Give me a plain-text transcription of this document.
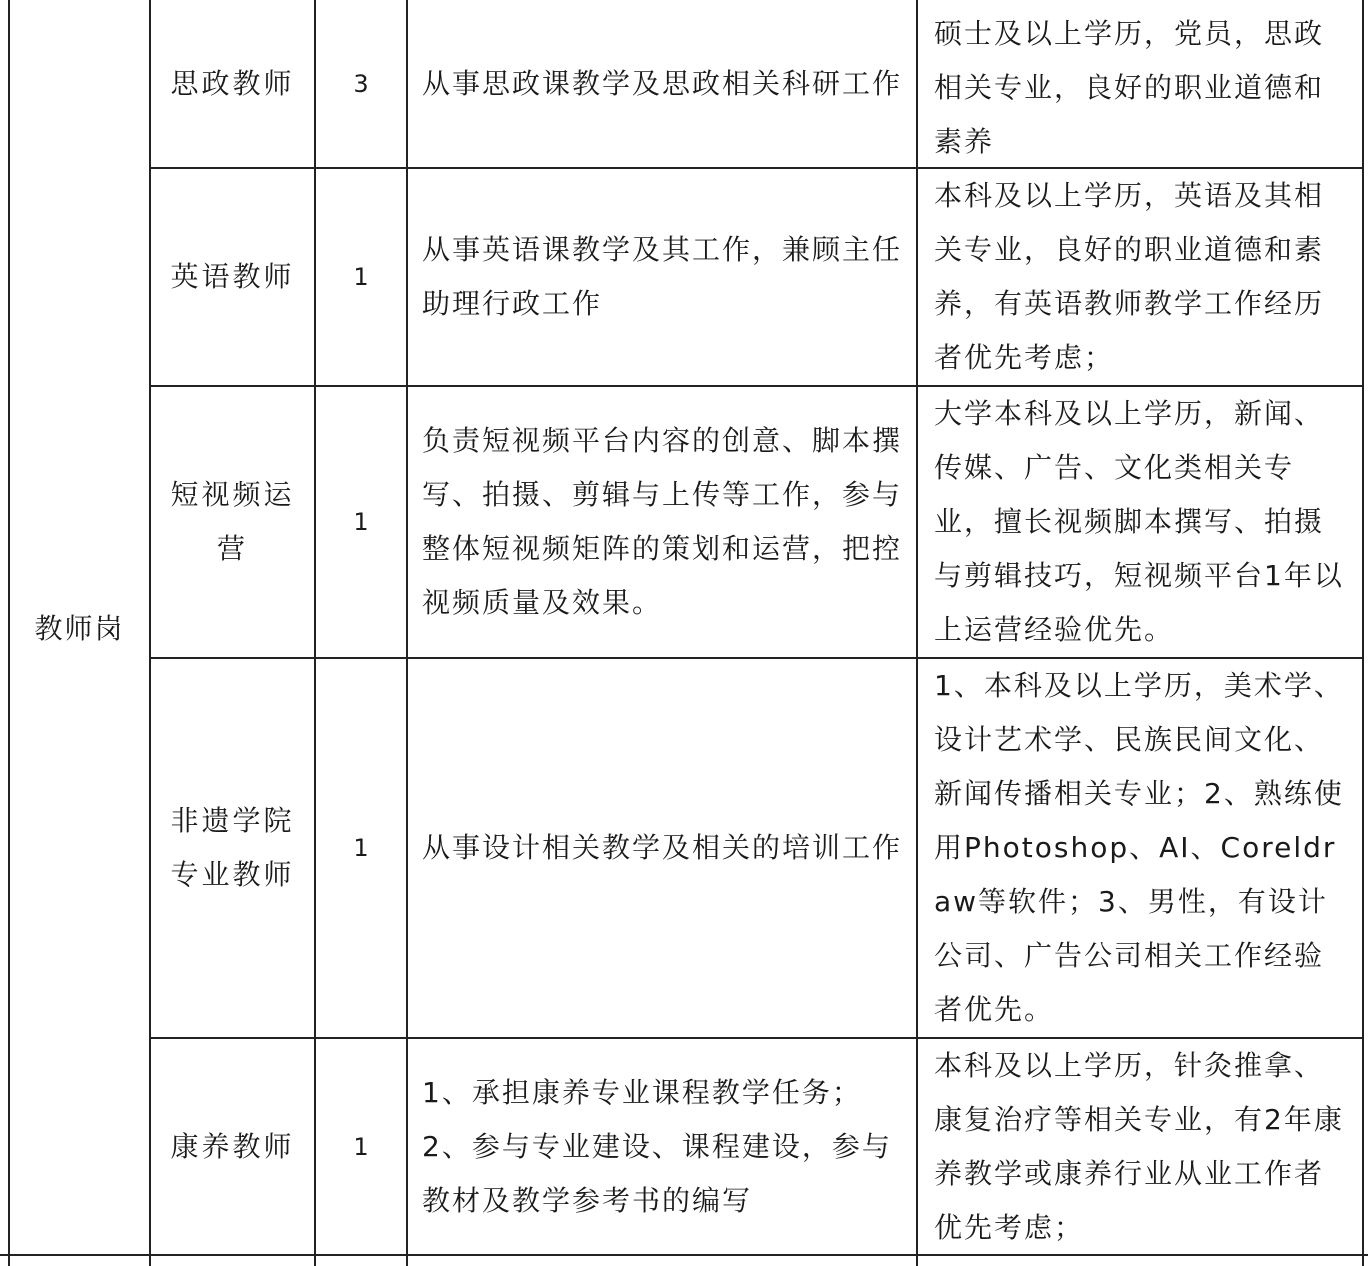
教师岗
思政教师 3 从事思政课教学及思政相关科研工作
硕士及以上学历，党员，思政相关专业，良好的职业道德和素养
英语教师 1
从事英语课教学及其工作，兼顾主任助理行政工作
本科及以上学历，英语及其相关专业，良好的职业道德和素养，有英语教师教学工作经历者优先考虑；
短视频运营
1
负责短视频平台内容的创意、脚本撰写、拍摄、剪辑与上传等工作，参与整体短视频矩阵的策划和运营，把控视频质量及效果。
大学本科及以上学历，新闻、传媒、广告、文化类相关专业，擅长视频脚本撰写、拍摄与剪辑技巧，短视频平台1年以上运营经验优先。
非遗学院专业教师
1 从事设计相关教学及相关的培训工作
1、本科及以上学历，美术学、设计艺术学、民族民间文化、新闻传播相关专业；2、熟练使用Photoshop、AI、Coreldraw等软件；3、男性，有设计公司、广告公司相关工作经验者优先。
康养教师 1
1、承担康养专业课程教学任务；2、参与专业建设、课程建设，参与教材及教学参考书的编写
本科及以上学历，针灸推拿、康复治疗等相关专业，有2年康养教学或康养行业从业工作者优先考虑；
